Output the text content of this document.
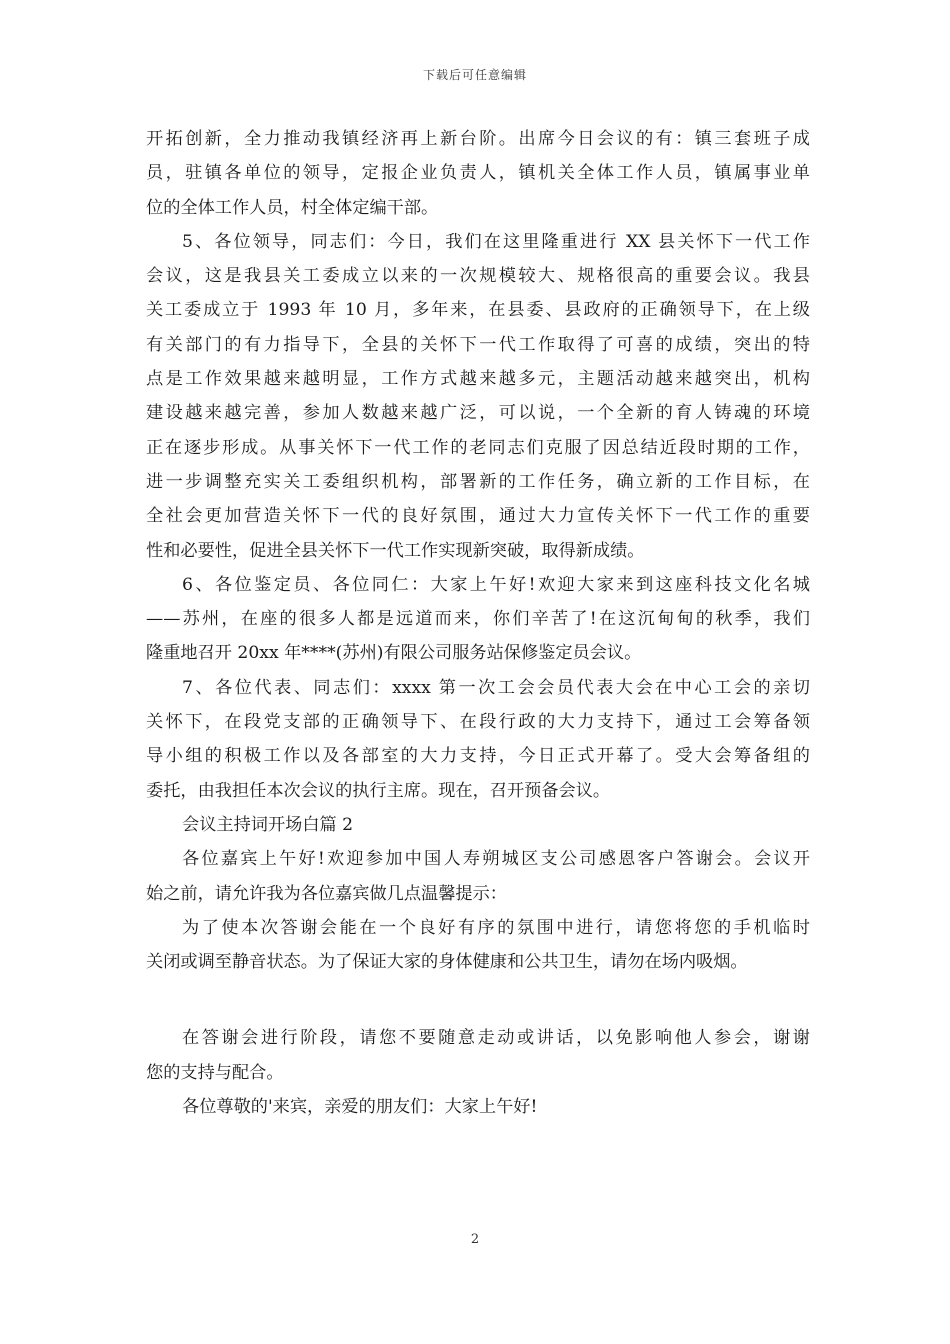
下载后可任意编辑
开拓创新，全力推动我镇经济再上新台阶。出席今日会议的有：镇三套班子成
员，驻镇各单位的领导，定报企业负责人，镇机关全体工作人员，镇属事业单
位的全体工作人员，村全体定编干部。
5、各位领导，同志们：今日，我们在这里隆重进行 XX 县关怀下一代工作
会议，这是我县关工委成立以来的一次规模较大、规格很高的重要会议。我县
关工委成立于 1993 年 10 月，多年来，在县委、县政府的正确领导下，在上级
有关部门的有力指导下，全县的关怀下一代工作取得了可喜的成绩，突出的特
点是工作效果越来越明显，工作方式越来越多元，主题活动越来越突出，机构
建设越来越完善，参加人数越来越广泛，可以说，一个全新的育人铸魂的环境
正在逐步形成。从事关怀下一代工作的老同志们克服了因总结近段时期的工作，
进一步调整充实关工委组织机构，部署新的工作任务，确立新的工作目标，在
全社会更加营造关怀下一代的良好氛围，通过大力宣传关怀下一代工作的重要
性和必要性，促进全县关怀下一代工作实现新突破，取得新成绩。
6、各位鉴定员、各位同仁：大家上午好!欢迎大家来到这座科技文化名城
——苏州，在座的很多人都是远道而来，你们辛苦了!在这沉甸甸的秋季，我们
隆重地召开 20xx 年****(苏州)有限公司服务站保修鉴定员会议。
7、各位代表、同志们：xxxx 第一次工会会员代表大会在中心工会的亲切
关怀下，在段党支部的正确领导下、在段行政的大力支持下，通过工会筹备领
导小组的积极工作以及各部室的大力支持，今日正式开幕了。受大会筹备组的
委托，由我担任本次会议的执行主席。现在，召开预备会议。
会议主持词开场白篇 2
各位嘉宾上午好!欢迎参加中国人寿朔城区支公司感恩客户答谢会。会议开
始之前，请允许我为各位嘉宾做几点温馨提示：
为了使本次答谢会能在一个良好有序的氛围中进行，请您将您的手机临时
关闭或调至静音状态。为了保证大家的身体健康和公共卫生，请勿在场内吸烟。
在答谢会进行阶段，请您不要随意走动或讲话，以免影响他人参会，谢谢
您的支持与配合。
各位尊敬的'来宾，亲爱的朋友们：大家上午好!
2
